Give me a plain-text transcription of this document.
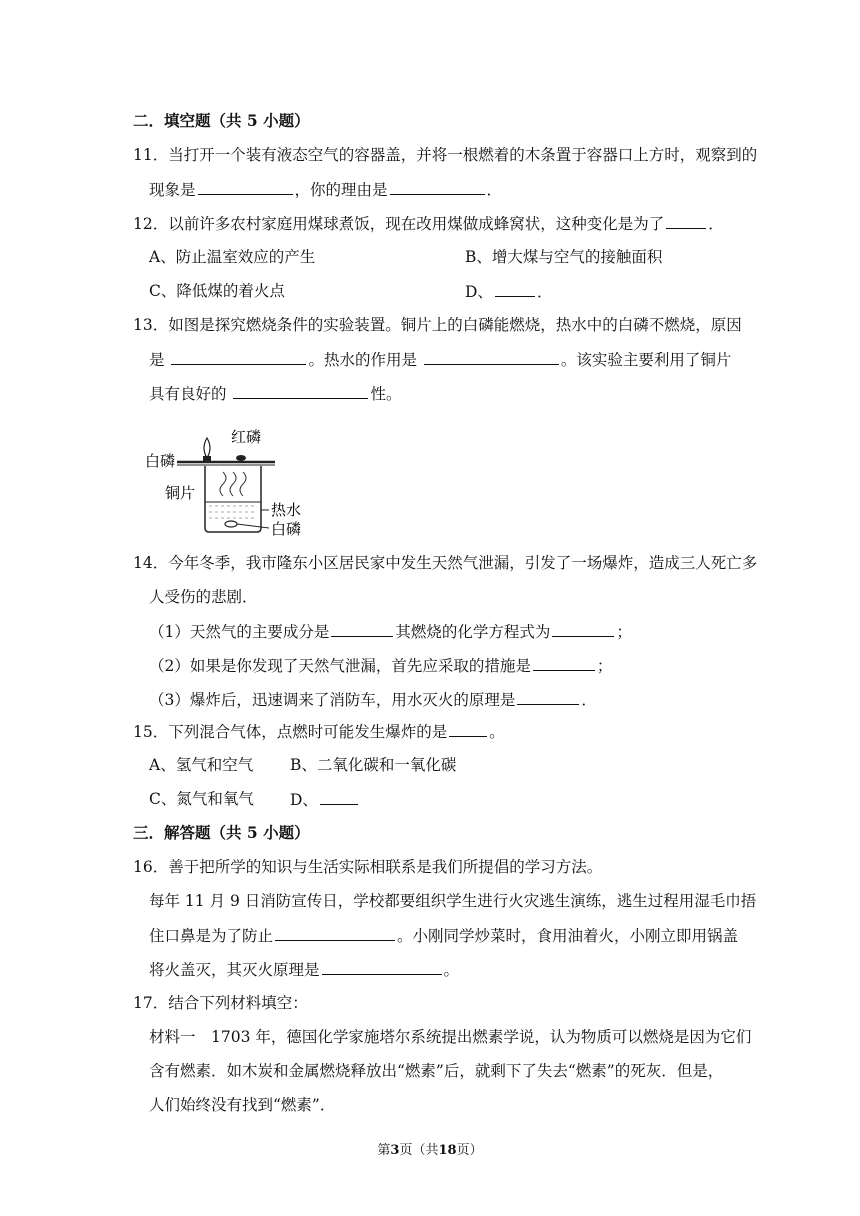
二．填空题（共 5 小题）
11．当打开一个装有液态空气的容器盖，并将一根燃着的木条置于容器口上方时，观察到的
现象是	，你的理由是	．
12．以前许多农村家庭用煤球煮饭，现在改用煤做成蜂窝状，这种变化是为了	．
A、防止温室效应的产生	B、增大煤与空气的接触面积
C、降低煤的着火点	D、	．
13．如图是探究燃烧条件的实验装置。铜片上的白磷能燃烧，热水中的白磷不燃烧，原因
是	。热水的作用是	。该实验主要利用了铜片
具有良好的	性。
红磷
白磷
铜片
热水
白磷
14．今年冬季，我市隆东小区居民家中发生天然气泄漏，引发了一场爆炸，造成三人死亡多
人受伤的悲剧．
（1）天然气的主要成分是	其燃烧的化学方程式为	；
（2）如果是你发现了天然气泄漏，首先应采取的措施是	；
（3）爆炸后，迅速调来了消防车，用水灭火的原理是	．
15．下列混合气体，点燃时可能发生爆炸的是	。
A、氢气和空气 B、二氧化碳和一氧化碳
C、氮气和氧气 D、
三．解答题（共 5 小题）
16．善于把所学的知识与生活实际相联系是我们所提倡的学习方法。
每年 11 月 9 日消防宣传日，学校都要组织学生进行火灾逃生演练，逃生过程用湿毛巾捂
住口鼻是为了防止	。小刚同学炒菜时，食用油着火，小刚立即用锅盖
将火盖灭，其灭火原理是	。
17．结合下列材料填空：
材料一　1703 年，德国化学家施塔尔系统提出燃素学说，认为物质可以燃烧是因为它们
含有燃素．如木炭和金属燃烧释放出“燃素”后，就剩下了失去“燃素”的死灰．但是，
人们始终没有找到“燃素”．
第3页（共18页）
